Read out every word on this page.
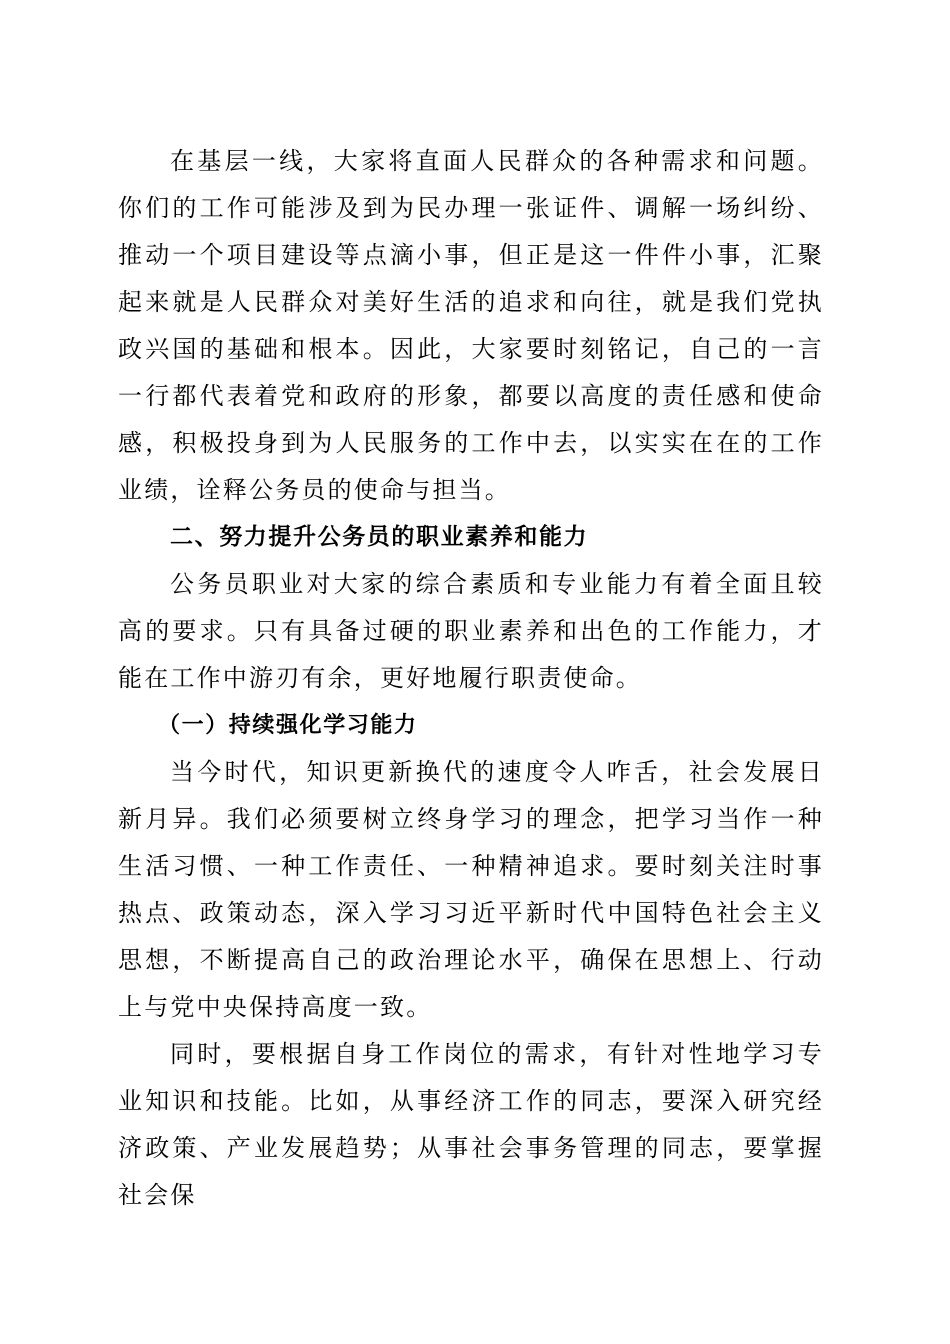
在基层一线，大家将直面人民群众的各种需求和问题。你们的工作可能涉及到为民办理一张证件、调解一场纠纷、推动一个项目建设等点滴小事，但正是这一件件小事，汇聚起来就是人民群众对美好生活的追求和向往，就是我们党执政兴国的基础和根本。因此，大家要时刻铭记，自己的一言一行都代表着党和政府的形象，都要以高度的责任感和使命感，积极投身到为人民服务的工作中去，以实实在在的工作业绩，诠释公务员的使命与担当。

二、努力提升公务员的职业素养和能力

公务员职业对大家的综合素质和专业能力有着全面且较高的要求。只有具备过硬的职业素养和出色的工作能力，才能在工作中游刃有余，更好地履行职责使命。

（一）持续强化学习能力

当今时代，知识更新换代的速度令人咋舌，社会发展日新月异。我们必须要树立终身学习的理念，把学习当作一种生活习惯、一种工作责任、一种精神追求。要时刻关注时事热点、政策动态，深入学习习近平新时代中国特色社会主义思想，不断提高自己的政治理论水平，确保在思想上、行动上与党中央保持高度一致。

同时，要根据自身工作岗位的需求，有针对性地学习专业知识和技能。比如，从事经济工作的同志，要深入研究经济政策、产业发展趋势；从事社会事务管理的同志，要掌握社会保
